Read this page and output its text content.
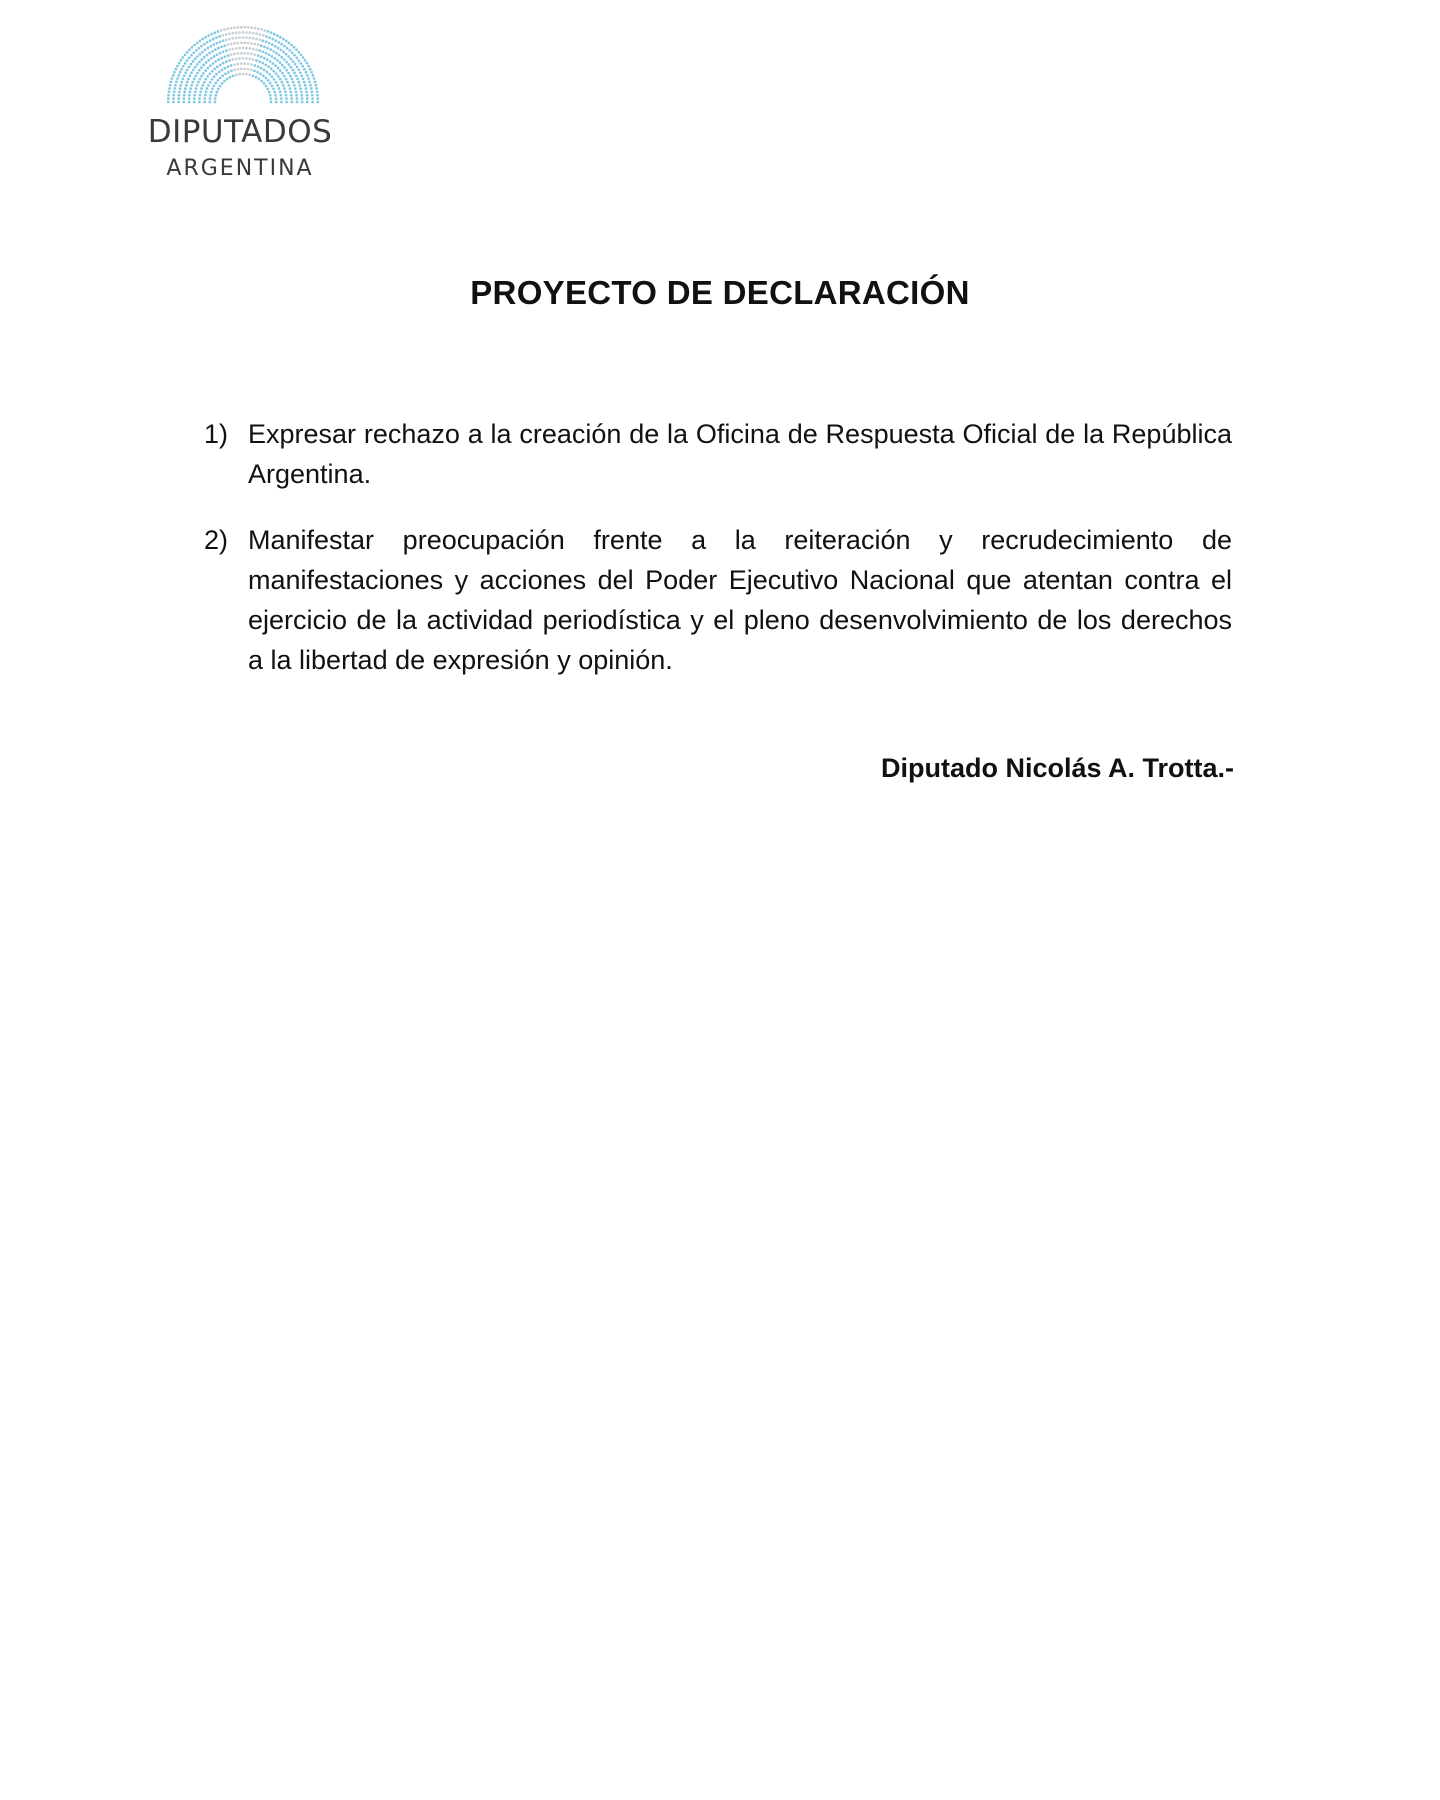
DIPUTADOS
ARGENTINA
PROYECTO DE DECLARACIÓN
1) Expresar rechazo a la creación de la Oficina de Respuesta Oficial de la República Argentina.
2) Manifestar preocupación frente a la reiteración y recrudecimiento de manifestaciones y acciones del Poder Ejecutivo Nacional que atentan contra el ejercicio de la actividad periodística y el pleno desenvolvimiento de los derechos a la libertad de expresión y opinión.
Diputado Nicolás A. Trotta.-
